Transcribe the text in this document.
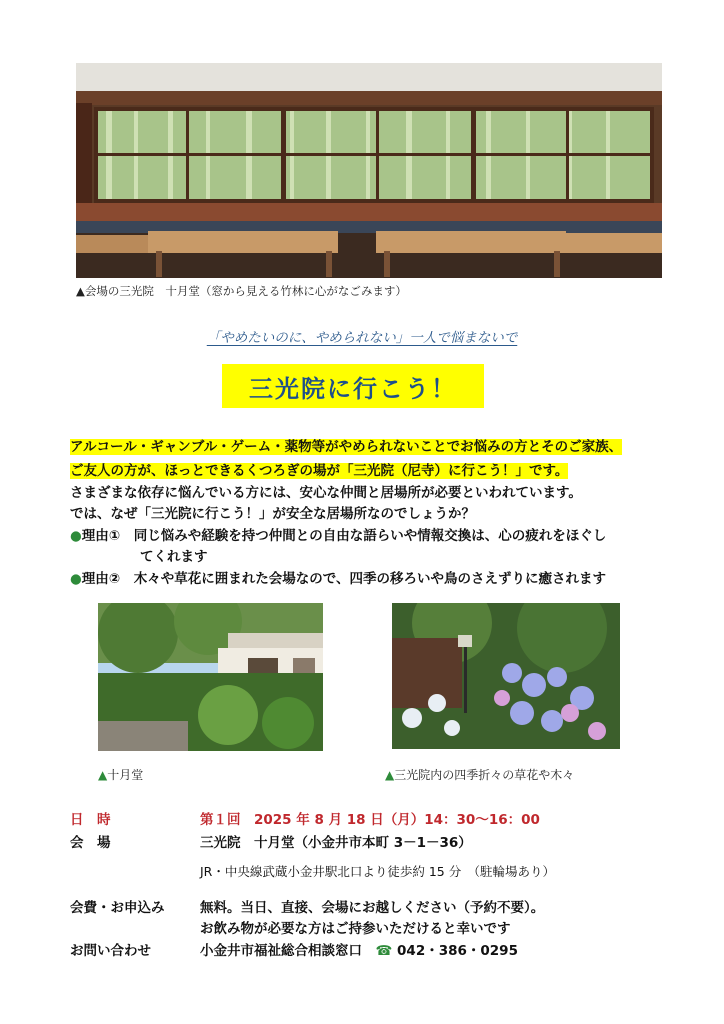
▲会場の三光院　十月堂（窓から見える竹林に心がなごみます）
「やめたいのに、やめられない」一人で悩まないで
三光院に行こう！
アルコール・ギャンブル・ゲーム・薬物等がやめられないことでお悩みの方とそのご家族、
ご友人の方が、ほっとできるくつろぎの場が「三光院（尼寺）に行こう！」です。
さまざまな依存に悩んでいる方には、安心な仲間と居場所が必要といわれています。
では、なぜ「三光院に行こう！」が安全な居場所なのでしょうか？
●理由①　 同じ悩みや経験を持つ仲間との自由な語らいや情報交換は、心の疲れをほぐし
てくれます
●理由②　 木々や草花に囲まれた会場なので、四季の移ろいや鳥のさえずりに癒されます
▲十月堂	▲三光院内の四季折々の草花や木々
日　時	第１回　2025 年 8 月 18 日（月）14：30〜16：00
会　場	三光院　十月堂（小金井市本町 3－1－36）
JR・中央線武蔵小金井駅北口より徒歩約 15 分　 （駐輪場あり）
会費・お申込み	無料。当日、直接、会場にお越しください（予約不要）。
お飲み物が必要な方はご持参いただけると幸いです
お問い合わせ	小金井市福祉総合相談窓口　 ☎ 042・386・0295
